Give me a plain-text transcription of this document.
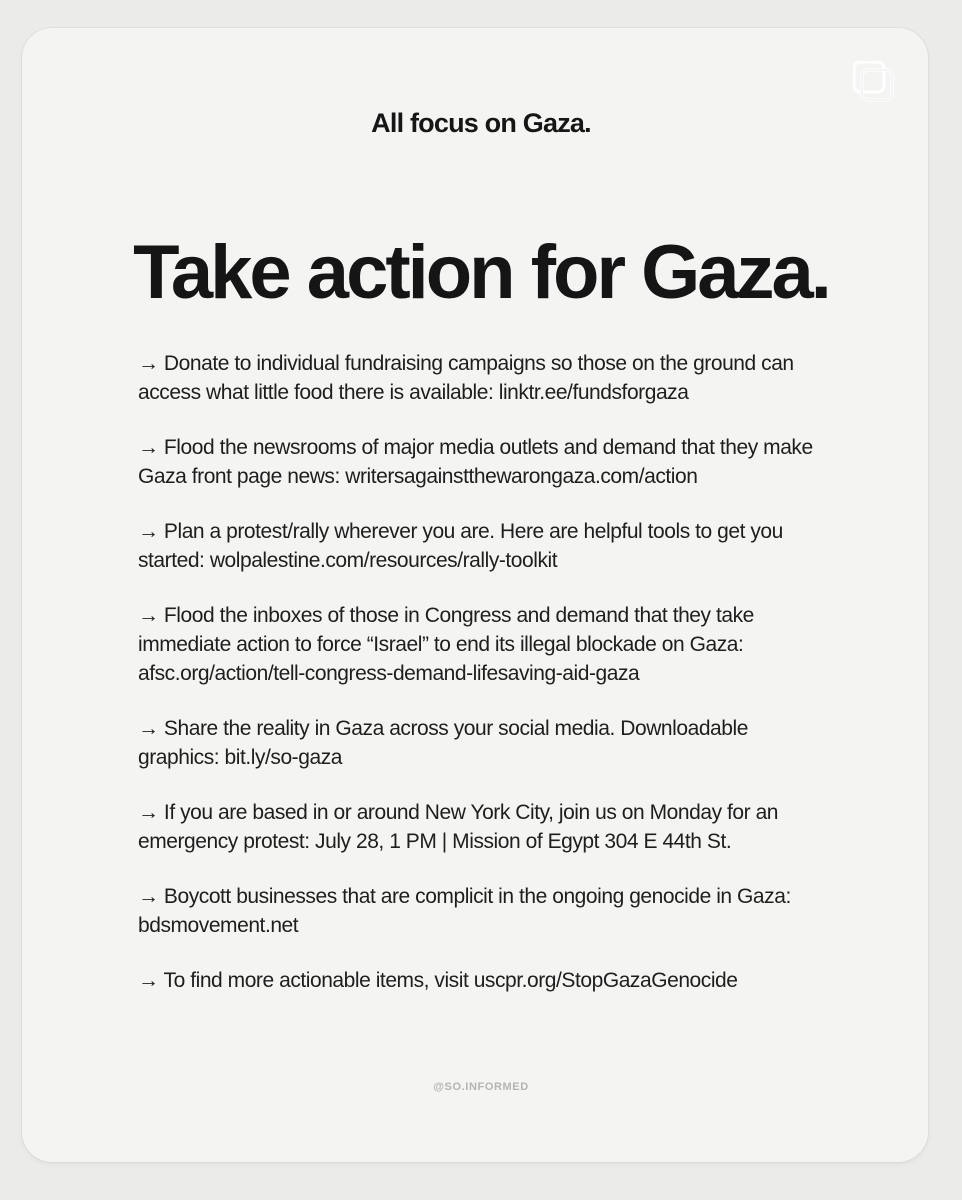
All focus on Gaza.
Take action for Gaza.
→ Donate to individual fundraising campaigns so those on the ground can access what little food there is available: linktr.ee/fundsforgaza
→ Flood the newsrooms of major media outlets and demand that they make Gaza front page news: writersagainstthewarongaza.com/action
→ Plan a protest/rally wherever you are. Here are helpful tools to get you started: wolpalestine.com/resources/rally-toolkit
→ Flood the inboxes of those in Congress and demand that they take immediate action to force “Israel” to end its illegal blockade on Gaza: afsc.org/action/tell-congress-demand-lifesaving-aid-gaza
→ Share the reality in Gaza across your social media. Downloadable graphics: bit.ly/so-gaza
→ If you are based in or around New York City, join us on Monday for an emergency protest: July 28, 1 PM | Mission of Egypt 304 E 44th St.
→ Boycott businesses that are complicit in the ongoing genocide in Gaza: bdsmovement.net
→ To find more actionable items, visit uscpr.org/StopGazaGenocide
@SO.INFORMED
